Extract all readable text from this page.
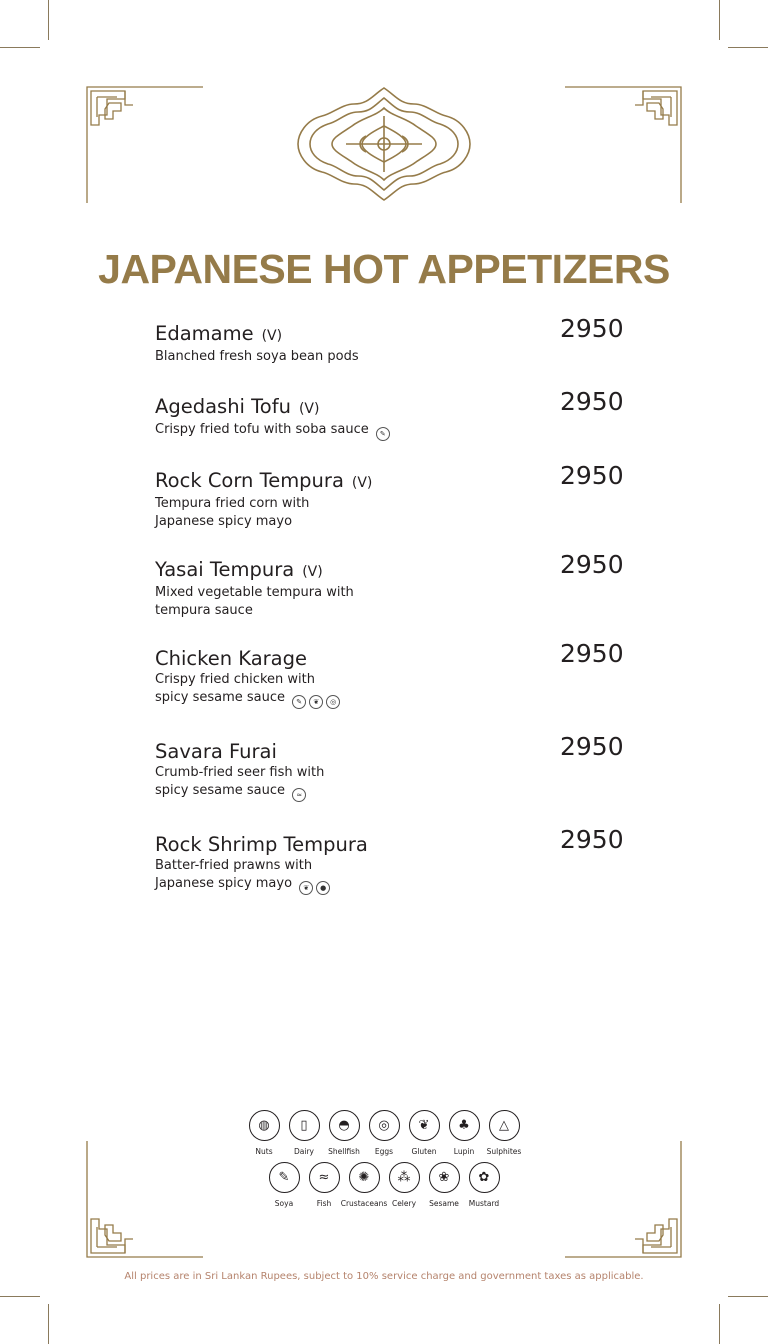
JAPANESE HOT APPETIZERS
Edamame (V)
Blanched fresh soya bean pods
2950
Agedashi Tofu (V)
Crispy fried tofu with soba sauce ✎
2950
Rock Corn Tempura (V)
Tempura fried corn with
Japanese spicy mayo
2950
Yasai Tempura (V)
Mixed vegetable tempura with
tempura sauce
2950
Chicken Karage
Crispy fried chicken with
spicy sesame sauce ✎ ❦ ◎
2950
Savara Furai
Crumb-fried seer fish with
spicy sesame sauce ≈
2950
Rock Shrimp Tempura
Batter-fried prawns with
Japanese spicy mayo ❦ ●
2950
◍
Nuts
▯
Dairy
◓
Shellfish
◎
Eggs
❦
Gluten
♣
Lupin
△
Sulphites
✎
Soya
≈
Fish
✺
Crustaceans
⁂
Celery
❀
Sesame
✿
Mustard
All prices are in Sri Lankan Rupees, subject to 10% service charge and government taxes as applicable.
